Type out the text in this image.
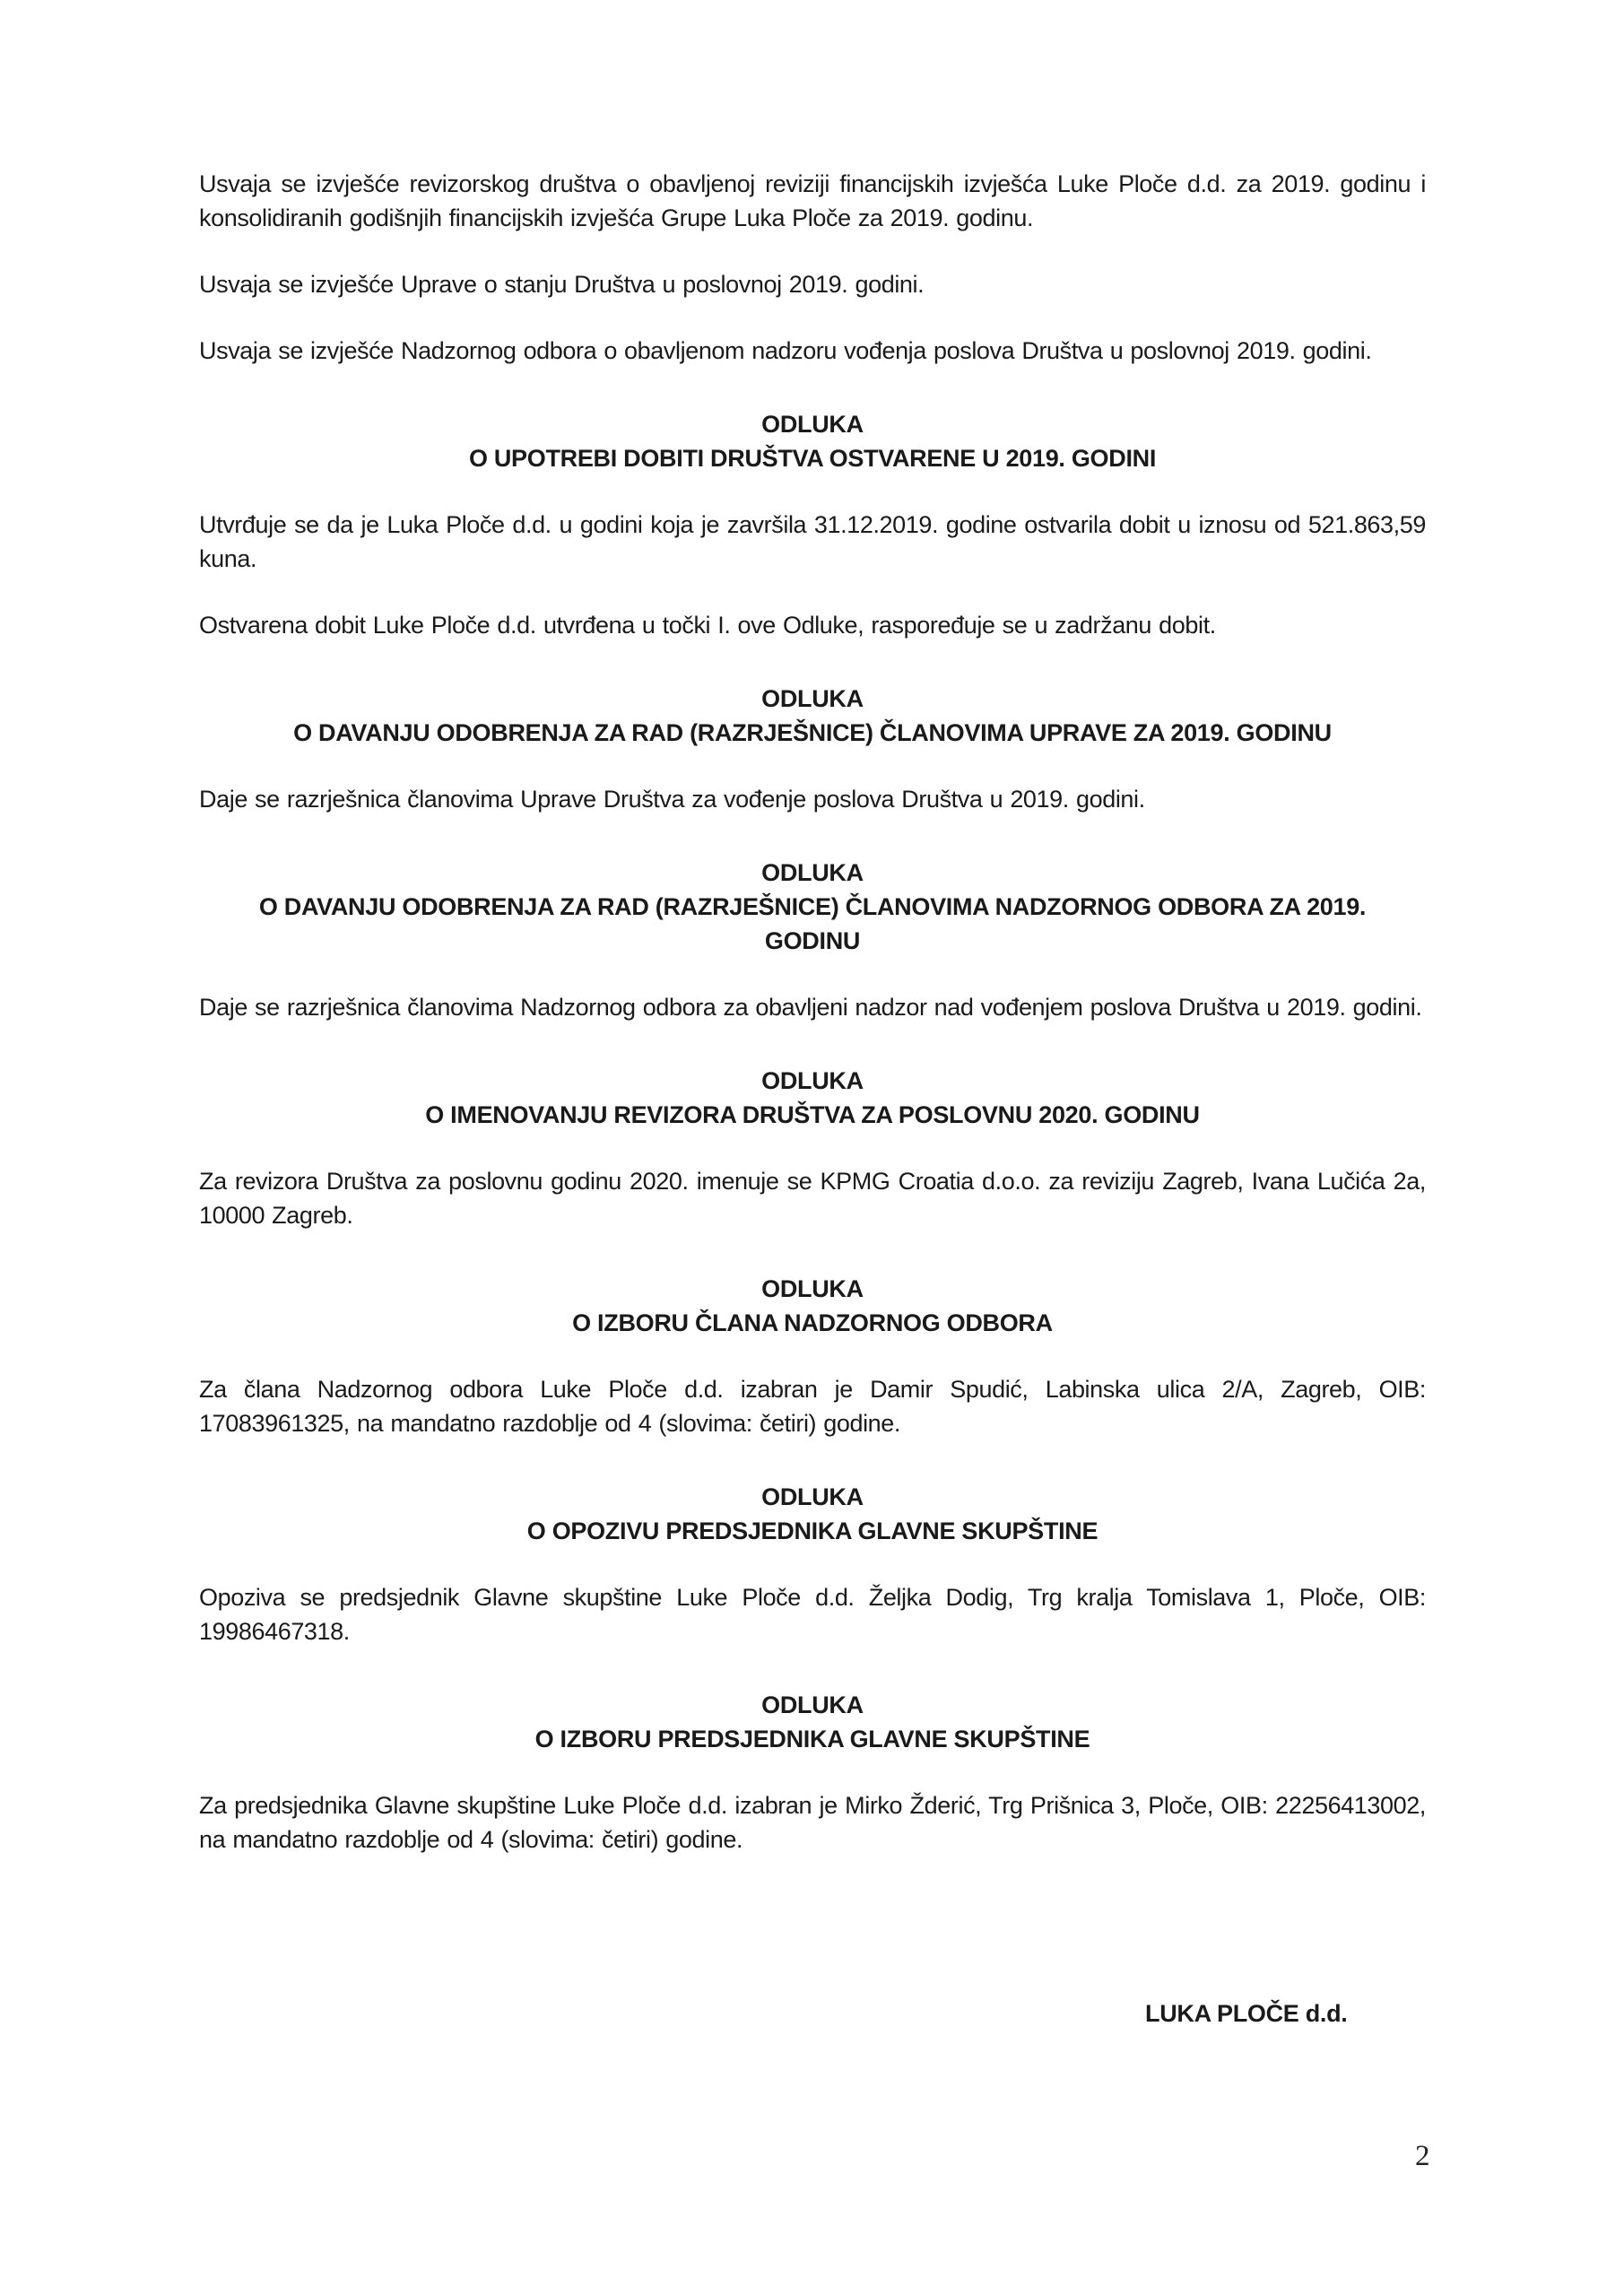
Usvaja se izvješće revizorskog društva o obavljenoj reviziji financijskih izvješća Luke Ploče d.d. za 2019. godinu i konsolidiranih godišnjih financijskih izvješća Grupe Luka Ploče za 2019. godinu.

Usvaja se izvješće Uprave o stanju Društva u poslovnoj 2019. godini.

Usvaja se izvješće Nadzornog odbora o obavljenom nadzoru vođenja poslova Društva u poslovnoj 2019. godini.

ODLUKA
O UPOTREBI DOBITI DRUŠTVA OSTVARENE U 2019. GODINI

Utvrđuje se da je Luka Ploče d.d. u godini koja je završila 31.12.2019. godine ostvarila dobit u iznosu od 521.863,59 kuna.

Ostvarena dobit Luke Ploče d.d. utvrđena u točki I. ove Odluke, raspoređuje se u zadržanu dobit.

ODLUKA
O DAVANJU ODOBRENJA ZA RAD (RAZRJEŠNICE) ČLANOVIMA UPRAVE ZA 2019. GODINU

Daje se razrješnica članovima Uprave Društva za vođenje poslova Društva u 2019. godini.

ODLUKA
O DAVANJU ODOBRENJA ZA RAD (RAZRJEŠNICE) ČLANOVIMA NADZORNOG ODBORA ZA 2019.
GODINU

Daje se razrješnica članovima Nadzornog odbora za obavljeni nadzor nad vođenjem poslova Društva u 2019. godini.

ODLUKA
O IMENOVANJU REVIZORA DRUŠTVA ZA POSLOVNU 2020. GODINU

Za revizora Društva za poslovnu godinu 2020. imenuje se KPMG Croatia d.o.o. za reviziju Zagreb, Ivana Lučića 2a, 10000 Zagreb.

ODLUKA
O IZBORU ČLANA NADZORNOG ODBORA

Za člana Nadzornog odbora Luke Ploče d.d. izabran je Damir Spudić, Labinska ulica 2/A, Zagreb, OIB: 17083961325, na mandatno razdoblje od 4 (slovima: četiri) godine.

ODLUKA
O OPOZIVU PREDSJEDNIKA GLAVNE SKUPŠTINE

Opoziva se predsjednik Glavne skupštine Luke Ploče d.d. Željka Dodig, Trg kralja Tomislava 1, Ploče, OIB: 19986467318.

ODLUKA
O IZBORU PREDSJEDNIKA GLAVNE SKUPŠTINE

Za predsjednika Glavne skupštine Luke Ploče d.d. izabran je Mirko Žderić, Trg Prišnica 3, Ploče, OIB: 22256413002, na mandatno razdoblje od 4 (slovima: četiri) godine.

LUKA PLOČE d.d.
2
